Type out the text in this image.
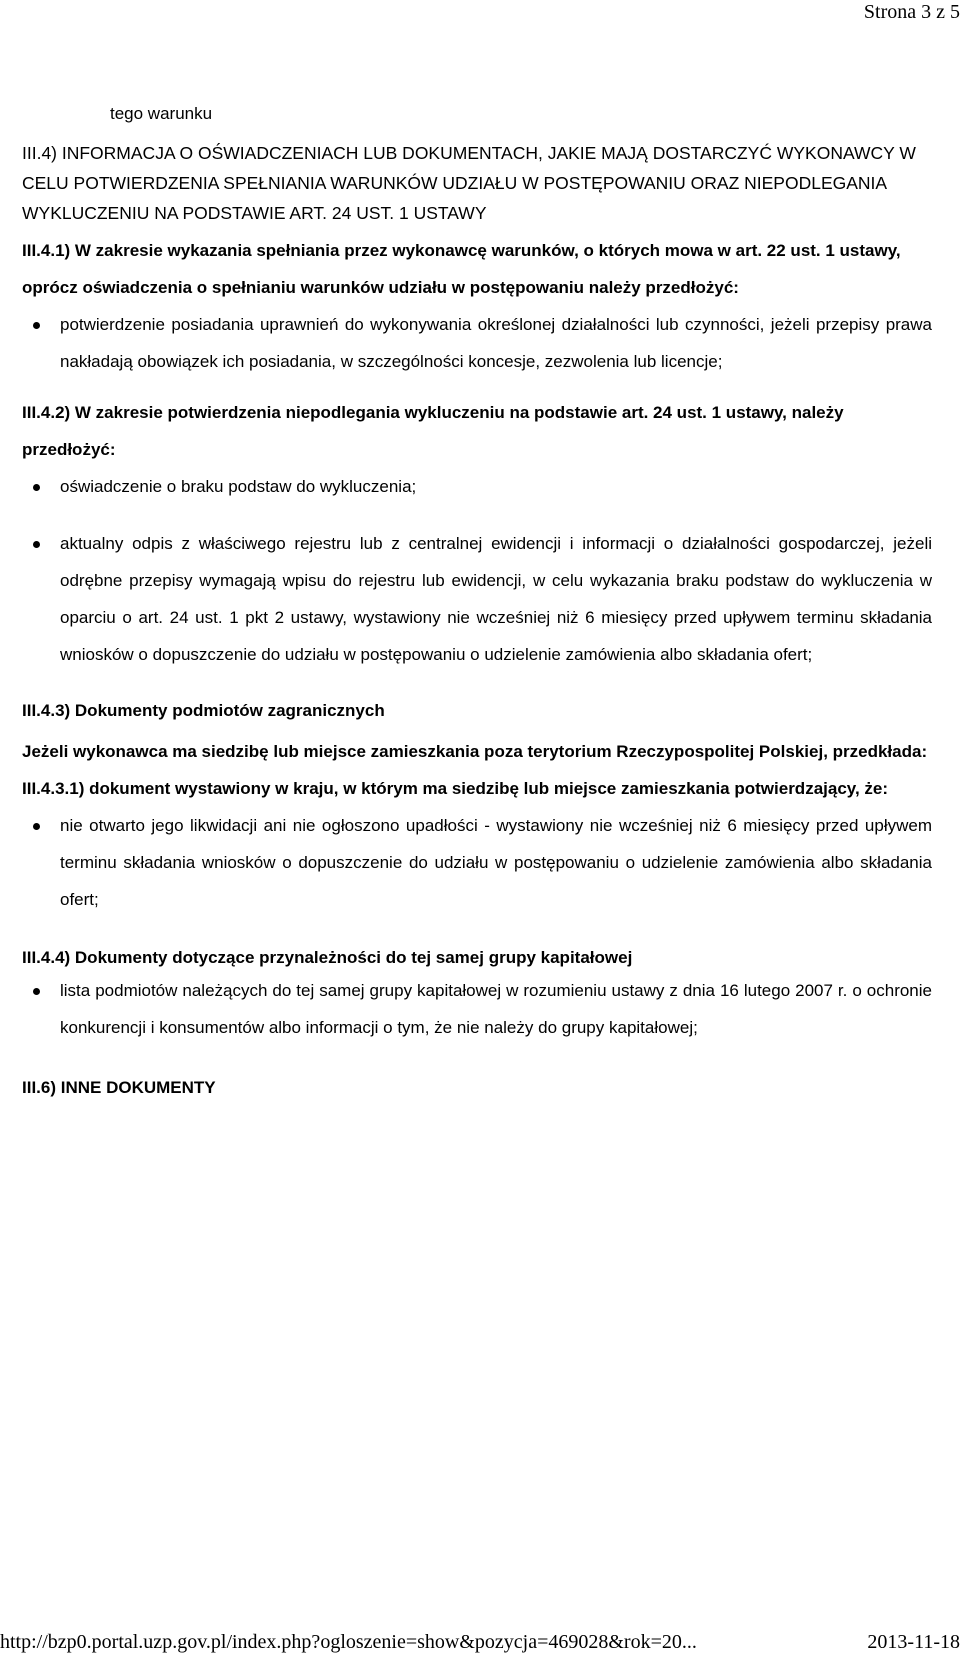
Strona 3 z 5

tego warunku

III.4) INFORMACJA O OŚWIADCZENIACH LUB DOKUMENTACH, JAKIE MAJĄ DOSTARCZYĆ WYKONAWCY W CELU POTWIERDZENIA SPEŁNIANIA WARUNKÓW UDZIAŁU W POSTĘPOWANIU ORAZ NIEPODLEGANIA WYKLUCZENIU NA PODSTAWIE ART. 24 UST. 1 USTAWY

III.4.1) W zakresie wykazania spełniania przez wykonawcę warunków, o których mowa w art. 22 ust. 1 ustawy, oprócz oświadczenia o spełnianiu warunków udziału w postępowaniu należy przedłożyć:

potwierdzenie posiadania uprawnień do wykonywania określonej działalności lub czynności, jeżeli przepisy prawa nakładają obowiązek ich posiadania, w szczególności koncesje, zezwolenia lub licencje;

III.4.2) W zakresie potwierdzenia niepodlegania wykluczeniu na podstawie art. 24 ust. 1 ustawy, należy przedłożyć:

oświadczenie o braku podstaw do wykluczenia;
aktualny odpis z właściwego rejestru lub z centralnej ewidencji i informacji o działalności gospodarczej, jeżeli odrębne przepisy wymagają wpisu do rejestru lub ewidencji, w celu wykazania braku podstaw do wykluczenia w oparciu o art. 24 ust. 1 pkt 2 ustawy, wystawiony nie wcześniej niż 6 miesięcy przed upływem terminu składania wniosków o dopuszczenie do udziału w postępowaniu o udzielenie zamówienia albo składania ofert;

III.4.3) Dokumenty podmiotów zagranicznych

Jeżeli wykonawca ma siedzibę lub miejsce zamieszkania poza terytorium Rzeczypospolitej Polskiej, przedkłada:

III.4.3.1) dokument wystawiony w kraju, w którym ma siedzibę lub miejsce zamieszkania potwierdzający, że:

nie otwarto jego likwidacji ani nie ogłoszono upadłości - wystawiony nie wcześniej niż 6 miesięcy przed upływem terminu składania wniosków o dopuszczenie do udziału w postępowaniu o udzielenie zamówienia albo składania ofert;

III.4.4) Dokumenty dotyczące przynależności do tej samej grupy kapitałowej

lista podmiotów należących do tej samej grupy kapitałowej w rozumieniu ustawy z dnia 16 lutego 2007 r. o ochronie konkurencji i konsumentów albo informacji o tym, że nie należy do grupy kapitałowej;

III.6) INNE DOKUMENTY

http://bzp0.portal.uzp.gov.pl/index.php?ogloszenie=show&pozycja=469028&rok=20...	2013-11-18
